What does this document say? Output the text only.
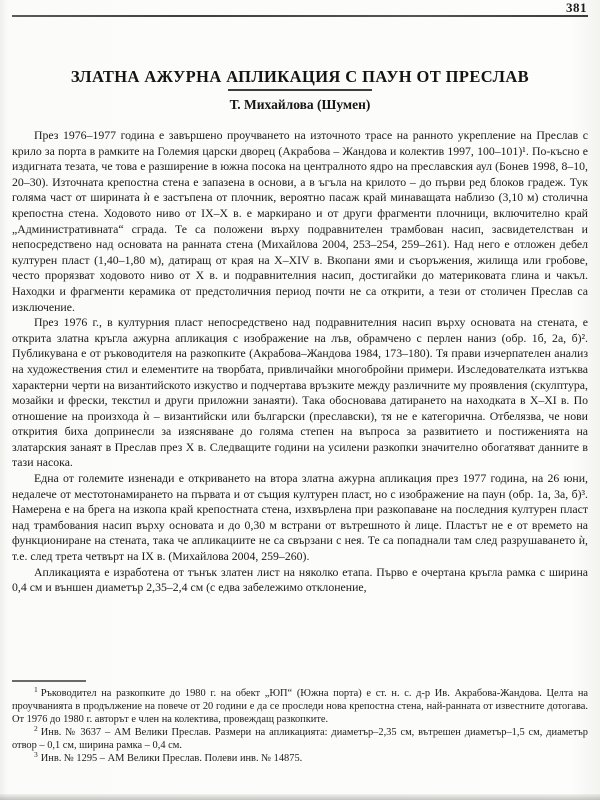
381
ЗЛАТНА АЖУРНА АПЛИКАЦИЯ С ПАУН ОТ ПРЕСЛАВ
Т. Михайлова (Шумен)

През 1976–1977 година е завършено проучването на източното трасе на ранното укрепление на Преслав с крило за порта в рамките на Големия царски дворец (Акрабова – Жандова и колектив 1997, 100–101)¹. По-късно е издигната тезата, че това е разширение в южна посока на централното ядро на преславския аул (Бонев 1998, 8–10, 20–30). Източната крепостна стена е запазена в основи, а в ъгъла на крилото – до първи ред блоков градеж. Тук голяма част от ширината ѝ е застъпена от плочник, вероятно пасаж край минаващата наблизо (3,10 м) столична крепостна стена. Ходовото ниво от IX–X в. е маркирано и от други фрагменти плочници, включително край „Административната“ сграда. Те са положени върху подравнителен трамбован насип, засвидетелстван и непосредствено над основата на ранната стена (Михайлова 2004, 253–254, 259–261). Над него е отложен дебел културен пласт (1,40–1,80 м), датиращ от края на X–XIV в. Вкопани ями и съоръжения, жилища или гробове, често прорязват ходовото ниво от X в. и подравнителния насип, достигайки до материковата глина и чакъл. Находки и фрагменти керамика от предстоличния период почти не са открити, а тези от столичен Преслав са изключение.

През 1976 г., в културния пласт непосредствено над подравнителния насип върху основата на стената, е открита златна кръгла ажурна апликация с изображение на лъв, обрамчено с перлен наниз (обр. 1б, 2а, б)². Публикувана е от ръководителя на разкопките (Акрабова–Жандова 1984, 173–180). Тя прави изчерпателен анализ на художествения стил и елементите на творбата, привличайки многобройни примери. Изследователката изтъква характерни черти на византийското изкуство и подчертава връзките между различните му проявления (скулптура, мозайки и фрески, текстил и други приложни занаяти). Така обосновава датирането на находката в X–XI в. По отношение на произхода ѝ – византийски или български (преславски), тя не е категорична. Отбелязва, че нови открития биха допринесли за изясняване до голяма степен на въпроса за развитието и постиженията на златарския занаят в Преслав през X в. Следващите години на усилени разкопки значително обогатяват данните в тази насока.

Една от големите изненади е откриването на втора златна ажурна апликация през 1977 година, на 26 юни, недалече от местотонамирането на първата и от същия културен пласт, но с изображение на паун (обр. 1а, 3а, б)³. Намерена е на брега на изкопа край крепостната стена, изхвърлена при разкопаване на последния културен пласт над трамбования насип върху основата и до 0,30 м встрани от вътрешното ѝ лице. Пластът не е от времето на функциониране на стената, така че апликациите не са свързани с нея. Те са попаднали там след разрушаването ѝ, т.е. след трета четвърт на IX в. (Михайлова 2004, 259–260).

Апликацията е изработена от тънък златен лист на няколко етапа. Първо е очертана кръгла рамка с ширина 0,4 см и външен диаметър 2,35–2,4 см (с едва забележимо отклонение,

$^1$ Ръководител на разкопките до 1980 г. на обект „ЮП“ (Южна порта) е ст. н. с. д-р Ив. Акрабова-Жандова. Целта на проучванията в продължение на повече от 20 години е да се проследи нова крепостна стена, най-ранната от известните дотогава. От 1976 до 1980 г. авторът е член на колектива, провеждащ разкопките.

$^2$ Инв. № 3637 – АМ Велики Преслав. Размери на апликацията: диаметър–2,35 см, вътрешен диаметър–1,5 см, диаметър отвор – 0,1 см, ширина рамка – 0,4 см.

$^3$ Инв. № 1295 – АМ Велики Преслав. Полеви инв. № 14875.
